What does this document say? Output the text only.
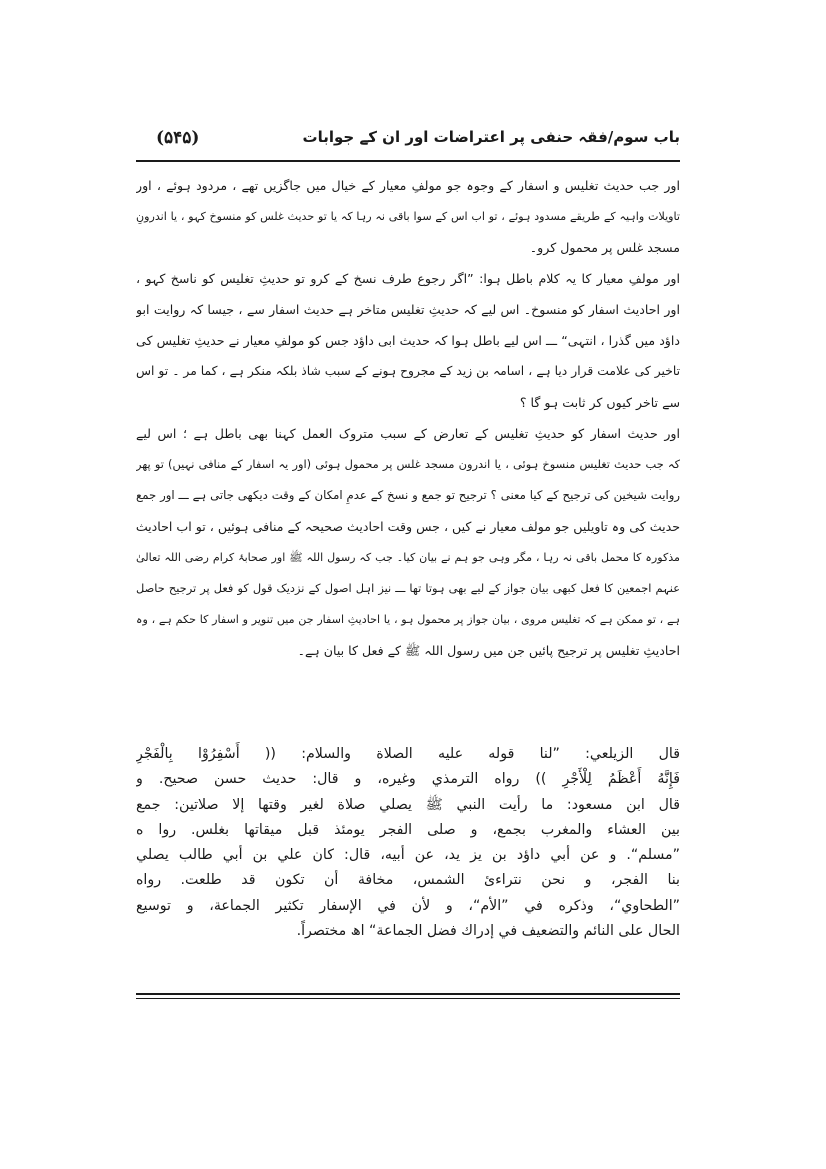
باب سوم/فقہ حنفی پر اعتراضات اور ان کے جوابات
(۵۴۵)

اور جب حدیث تغلیس و اسفار کے وجوہ جو مولفِ معیار کے خیال میں جاگزیں تھے ، مردود ہوئے ، اور
تاویلات واہیہ کے طریقے مسدود ہوئے ، تو اب اس کے سوا باقی نہ رہا کہ یا تو حدیث غلس کو منسوخ کہو ، یا اندرونِ
مسجد غلس پر محمول کرو۔

اور مولفِ معیار کا یہ کلام باطل ہوا: ”اگر رجوع طرف نسخ کے کرو تو حدیثِ تغلیس کو ناسخ کہو ،
اور احادیث اسفار کو منسوخ۔ اس لیے کہ حدیثِ تغلیس متاخر ہے حدیث اسفار سے ، جیسا کہ روایت ابو
داؤد میں گذرا ، انتہی“ ـــ اس لیے باطل ہوا کہ حدیث ابی داؤد جس کو مولفِ معیار نے حدیثِ تغلیس کی
تاخیر کی علامت قرار دیا ہے ، اسامہ بن زید کے مجروح ہونے کے سبب شاذ بلکہ منکر ہے ، کما مر ۔ تو اس
سے تاخر کیوں کر ثابت ہو گا ؟

اور حدیث اسفار کو حدیثِ تغلیس کے تعارض کے سبب متروک العمل کہنا بھی باطل ہے ؛ اس لیے
کہ جب حدیث تغلیس منسوخ ہوئی ، یا اندرون مسجد غلس پر محمول ہوئی (اور یہ اسفار کے منافی نہیں) تو پھر
روایت شیخین کی ترجیح کے کیا معنی ؟ ترجیح تو جمع و نسخ کے عدمِ امکان کے وقت دیکھی جاتی ہے ـــ اور جمع
حدیث کی وہ تاویلیں جو مولف معیار نے کیں ، جس وقت احادیث صحیحہ کے منافی ہوئیں ، تو اب احادیث
مذکورہ کا محمل باقی نہ رہا ، مگر وہی جو ہم نے بیان کیا۔ جب کہ رسول اللہ ﷺ اور صحابۂ کرام رضی اللہ تعالیٰ
عنہم اجمعین کا فعل کبھی بیان جواز کے لیے بھی ہوتا تھا ـــ نیز اہل اصول کے نزدیک قول کو فعل پر ترجیح حاصل
ہے ، تو ممکن ہے کہ تغلیس مروی ، بیان جواز پر محمول ہو ، یا احادیثِ اسفار جن میں تنویر و اسفار کا حکم ہے ، وہ
احادیثِ تغلیس پر ترجیح پائیں جن میں رسول اللہ ﷺ کے فعل کا بیان ہے۔

قال الزيلعي: ”لنا قوله عليه الصلاة والسلام: (( أَسْفِرُوْا بِالْفَجْرِ
فَإِنَّهُ أَعْظَمُ لِلْأَجْرِ )) رواه الترمذي وغيره، و قال: حديث حسن صحيح. و
قال ابن مسعود: ما رأيت النبي ﷺ يصلي صلاة لغير وقتها إلا صلاتين: جمع
بين العشاء والمغرب بجمع، و صلى الفجر يومئذ قبل ميقاتها بغلس. روا ه
”مسلم“. و عن أبي داؤد بن يز يد، عن أبيه، قال: كان علي بن أبي طالب يصلي
بنا الفجر، و نحن نتراءئ الشمس، مخافة أن تكون قد طلعت. رواه
”الطحاوي“، وذكره في ”الأم“، و لأن في الإسفار تكثير الجماعة، و توسيع
الحال على النائم والتضعيف في إدراك فضل الجماعة“ اھ مختصراً.
